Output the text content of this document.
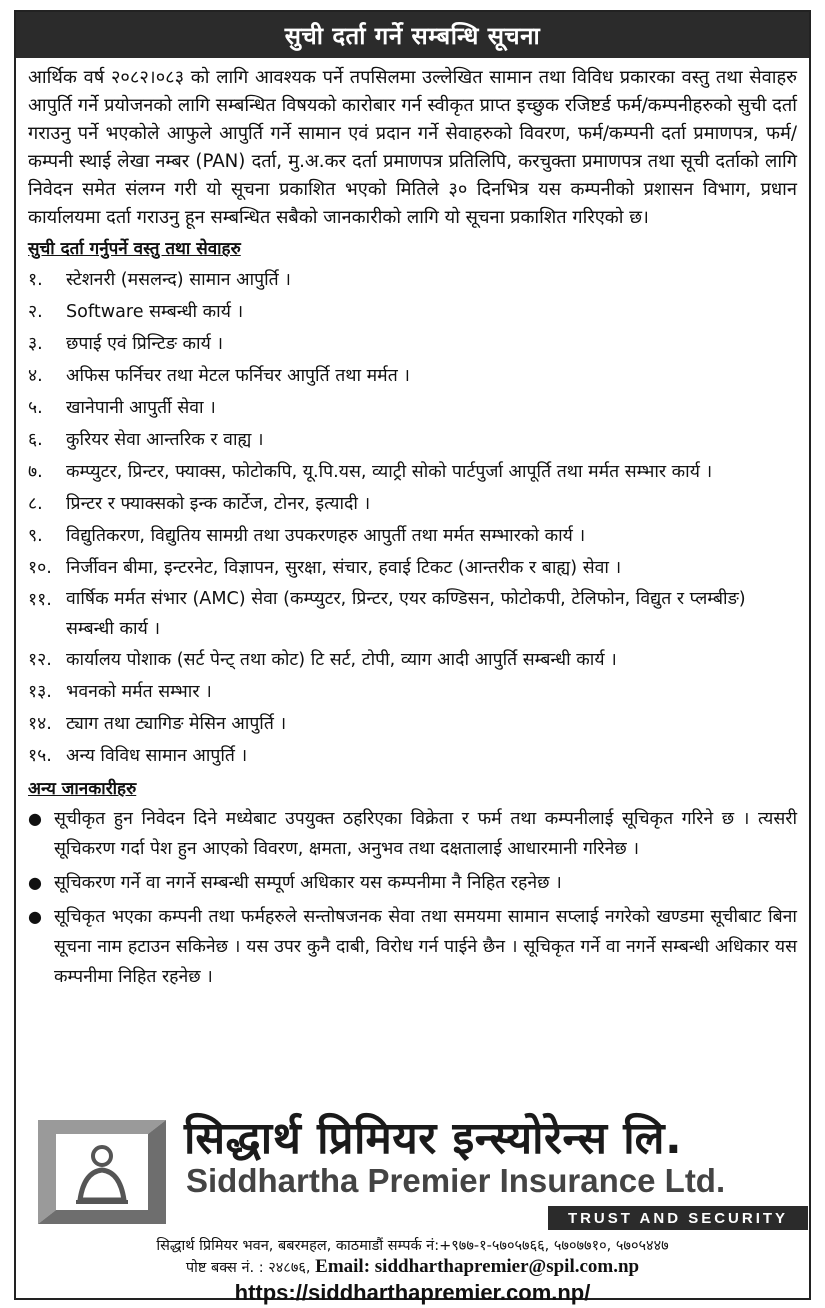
सुची दर्ता गर्ने सम्बन्धि सूचना

आर्थिक वर्ष २०८२।०८३ को लागि आवश्यक पर्ने तपसिलमा उल्लेखित सामान तथा विविध प्रकारका वस्तु तथा सेवाहरु आपुर्ति गर्ने प्रयोजनको लागि सम्बन्धित विषयको कारोबार गर्न स्वीकृत प्राप्त इच्छुक रजिष्टर्ड फर्म/कम्पनीहरुको सुची दर्ता गराउनु पर्ने भएकोले आफुले आपुर्ति गर्ने सामान एवं प्रदान गर्ने सेवाहरुको विवरण, फर्म/कम्पनी दर्ता प्रमाणपत्र, फर्म/कम्पनी स्थाई लेखा नम्बर (PAN) दर्ता, मु.अ.कर दर्ता प्रमाणपत्र प्रतिलिपि, करचुक्ता प्रमाणपत्र तथा सूची दर्ताको लागि निवेदन समेत संलग्न गरी यो सूचना प्रकाशित भएको मितिले ३० दिनभित्र यस कम्पनीको प्रशासन विभाग, प्रधान कार्यालयमा दर्ता गराउनु हून सम्बन्धित सबैको जानकारीको लागि यो सूचना प्रकाशित गरिएको छ।

सुची दर्ता गर्नुपर्ने वस्तु तथा सेवाहरु
१.	स्टेशनरी (मसलन्द) सामान आपुर्ति ।
२.	Software सम्बन्धी कार्य ।
३.	छपाई एवं प्रिन्टिङ कार्य ।
४.	अफिस फर्निचर तथा मेटल फर्निचर आपुर्ति तथा मर्मत ।
५.	खानेपानी आपुर्ती सेवा ।
६.	कुरियर सेवा आन्तरिक र वाह्य ।
७.	कम्प्युटर, प्रिन्टर, फ्याक्स, फोटोकपि, यू.पि.यस, व्याट्री सोको पार्टपुर्जा आपूर्ति तथा मर्मत सम्भार कार्य ।
८.	प्रिन्टर र फ्याक्सको इन्क कार्टेज, टोनर, इत्यादी ।
९.	विद्युतिकरण, विद्युतिय सामग्री तथा उपकरणहरु आपुर्ती तथा मर्मत सम्भारको कार्य ।
१०. निर्जीवन बीमा, इन्टरनेट, विज्ञापन, सुरक्षा, संचार, हवाई टिकट (आन्तरीक र बाह्य) सेवा ।
११. वार्षिक मर्मत संभार (AMC) सेवा (कम्प्युटर, प्रिन्टर, एयर कण्डिसन, फोटोकपी, टेलिफोन, विद्युत र प्लम्बीङ) सम्बन्धी कार्य ।
१२. कार्यालय पोशाक (सर्ट पेन्ट् तथा कोट) टि सर्ट, टोपी, व्याग आदी आपुर्ति सम्बन्धी कार्य ।
१३. भवनको मर्मत सम्भार ।
१४. ट्याग तथा ट्यागिङ मेसिन आपुर्ति ।
१५. अन्य विविध सामान आपुर्ति ।
अन्य जानकारीहरु
● सूचीकृत हुन निवेदन दिने मध्येबाट उपयुक्त ठहरिएका विक्रेता र फर्म तथा कम्पनीलाई सूचिकृत गरिने छ । त्यसरी सूचिकरण गर्दा पेश हुन आएको विवरण, क्षमता, अनुभव तथा दक्षतालाई आधारमानी गरिनेछ ।
● सूचिकरण गर्ने वा नगर्ने सम्बन्धी सम्पूर्ण अधिकार यस कम्पनीमा नै निहित रहनेछ ।
● सूचिकृत भएका कम्पनी तथा फर्महरुले सन्तोषजनक सेवा तथा समयमा सामान सप्लाई नगरेको खण्डमा सूचीबाट बिना सूचना नाम हटाउन सकिनेछ । यस उपर कुनै दाबी, विरोध गर्न पाईने छैन । सूचिकृत गर्ने वा नगर्ने सम्बन्धी अधिकार यस कम्पनीमा निहित रहनेछ ।
सिद्धार्थ प्रिमियर इन्स्योरेन्स लि.
Siddhartha Premier Insurance Ltd.
TRUST AND SECURITY
सिद्धार्थ प्रिमियर भवन, बबरमहल, काठमाडौं सम्पर्क नं:+९७७-१-५७०५७६६, ५७०७७१०, ५७०५४४७
पोष्ट बक्स नं. : २४८७६, Email: siddharthapremier@spil.com.np
https://siddharthapremier.com.np/
